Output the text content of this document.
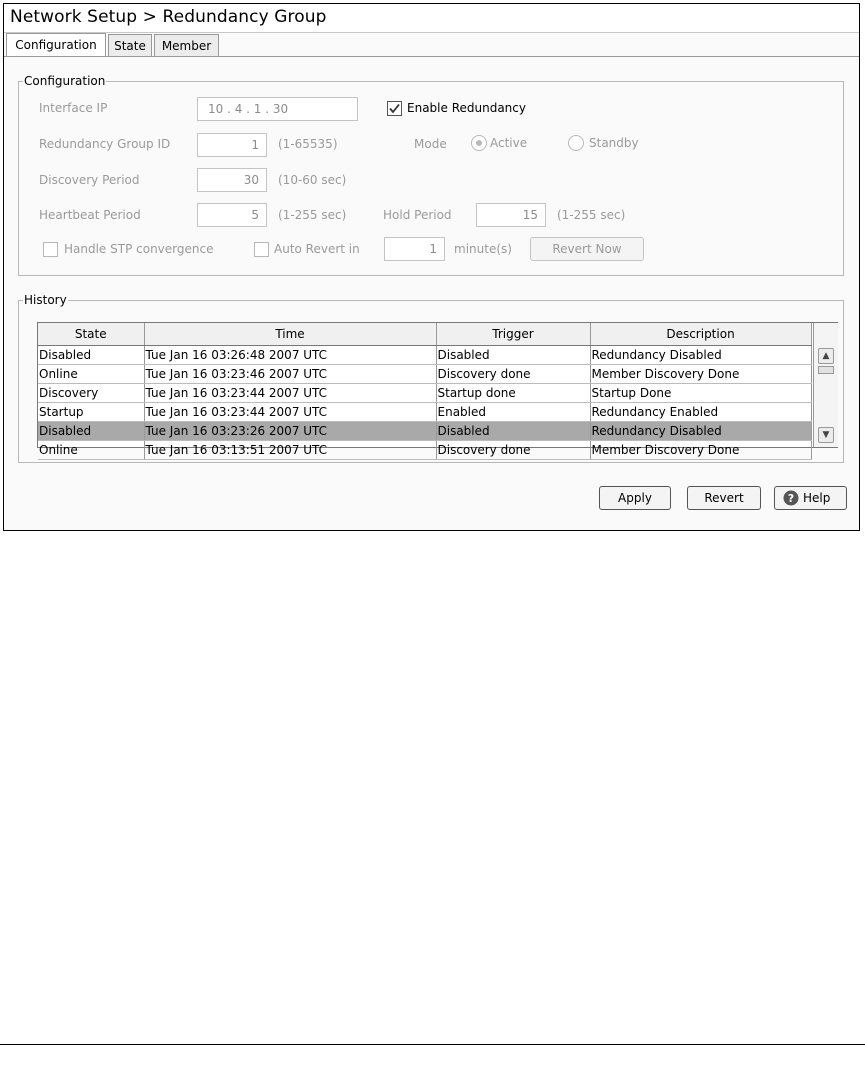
Network Setup > Redundancy Group
Configuration	State	Member
Configuration
Interface IP	10 . 4 . 1 . 30	Enable Redundancy
Redundancy Group ID	1	(1-65535)	Mode	Active	Standby
Discovery Period	30	(10-60 sec)
Heartbeat Period	5	(1-255 sec)	Hold Period	15	(1-255 sec)
Handle STP convergence	Auto Revert in	1	minute(s)	Revert Now
History
State	Time	Trigger	Description
Disabled	Tue Jan 16 03:26:48 2007 UTC	Disabled	Redundancy Disabled
Online	Tue Jan 16 03:23:46 2007 UTC	Discovery done	Member Discovery Done
Discovery	Tue Jan 16 03:23:44 2007 UTC	Startup done	Startup Done
Startup	Tue Jan 16 03:23:44 2007 UTC	Enabled	Redundancy Enabled
Disabled	Tue Jan 16 03:23:26 2007 UTC	Disabled	Redundancy Disabled
Online	Tue Jan 16 03:13:51 2007 UTC	Discovery done	Member Discovery Done
▲
▼
Apply	Revert	? Help
